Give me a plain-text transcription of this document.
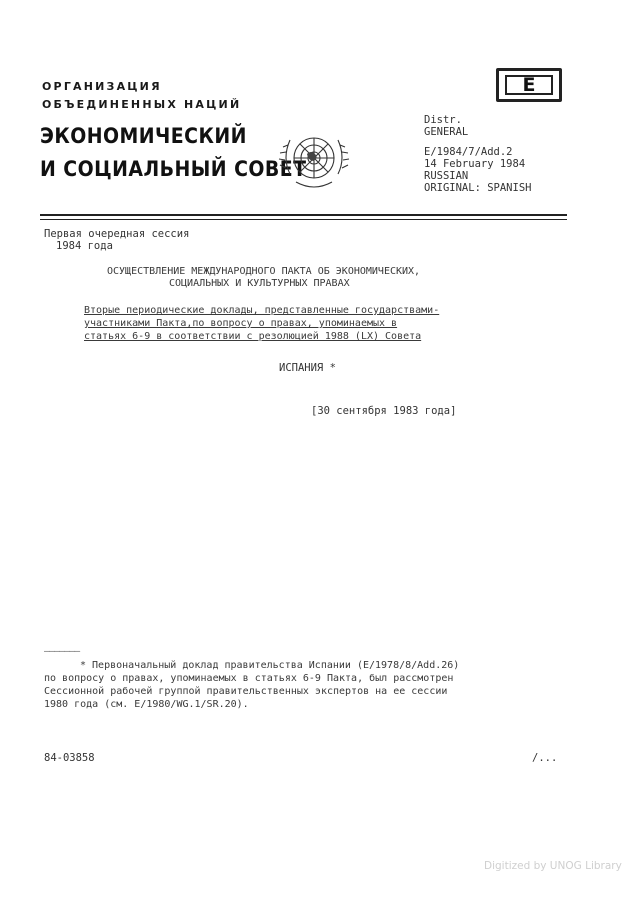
ОРГАНИЗАЦИЯ
ОБЪЕДИНЕННЫХ НАЦИЙ
ЭКОНОМИЧЕСКИЙ
И СОЦИАЛЬНЫЙ СОВЕТ
E
Distr.
GENERAL
E/1984/7/Add.2
14 February 1984
RUSSIAN
ORIGINAL: SPANISH
Первая очередная сессия
1984 года
ОСУЩЕСТВЛЕНИЕ МЕЖДУНАРОДНОГО ПАКТА ОБ ЭКОНОМИЧЕСКИХ,
СОЦИАЛЬНЫХ И КУЛЬТУРНЫХ ПРАВАХ
Вторые периодические доклады, представленные государствами-
участниками Пакта,по вопросу о правах, упоминаемых в
статьях 6-9 в соответствии с резолюцией 1988 (LX) Совета
ИСПАНИЯ *
[30 сентября 1983 года]
———————
* Первоначальный доклад правительства Испании (E/1978/8/Add.26)
по вопросу о правах, упоминаемых в статьях 6-9 Пакта, был рассмотрен
Сессионной рабочей группой правительственных экспертов на ее сессии
1980 года (см. E/1980/WG.1/SR.20).
84-03858	/...
Digitized by UNOG Library
